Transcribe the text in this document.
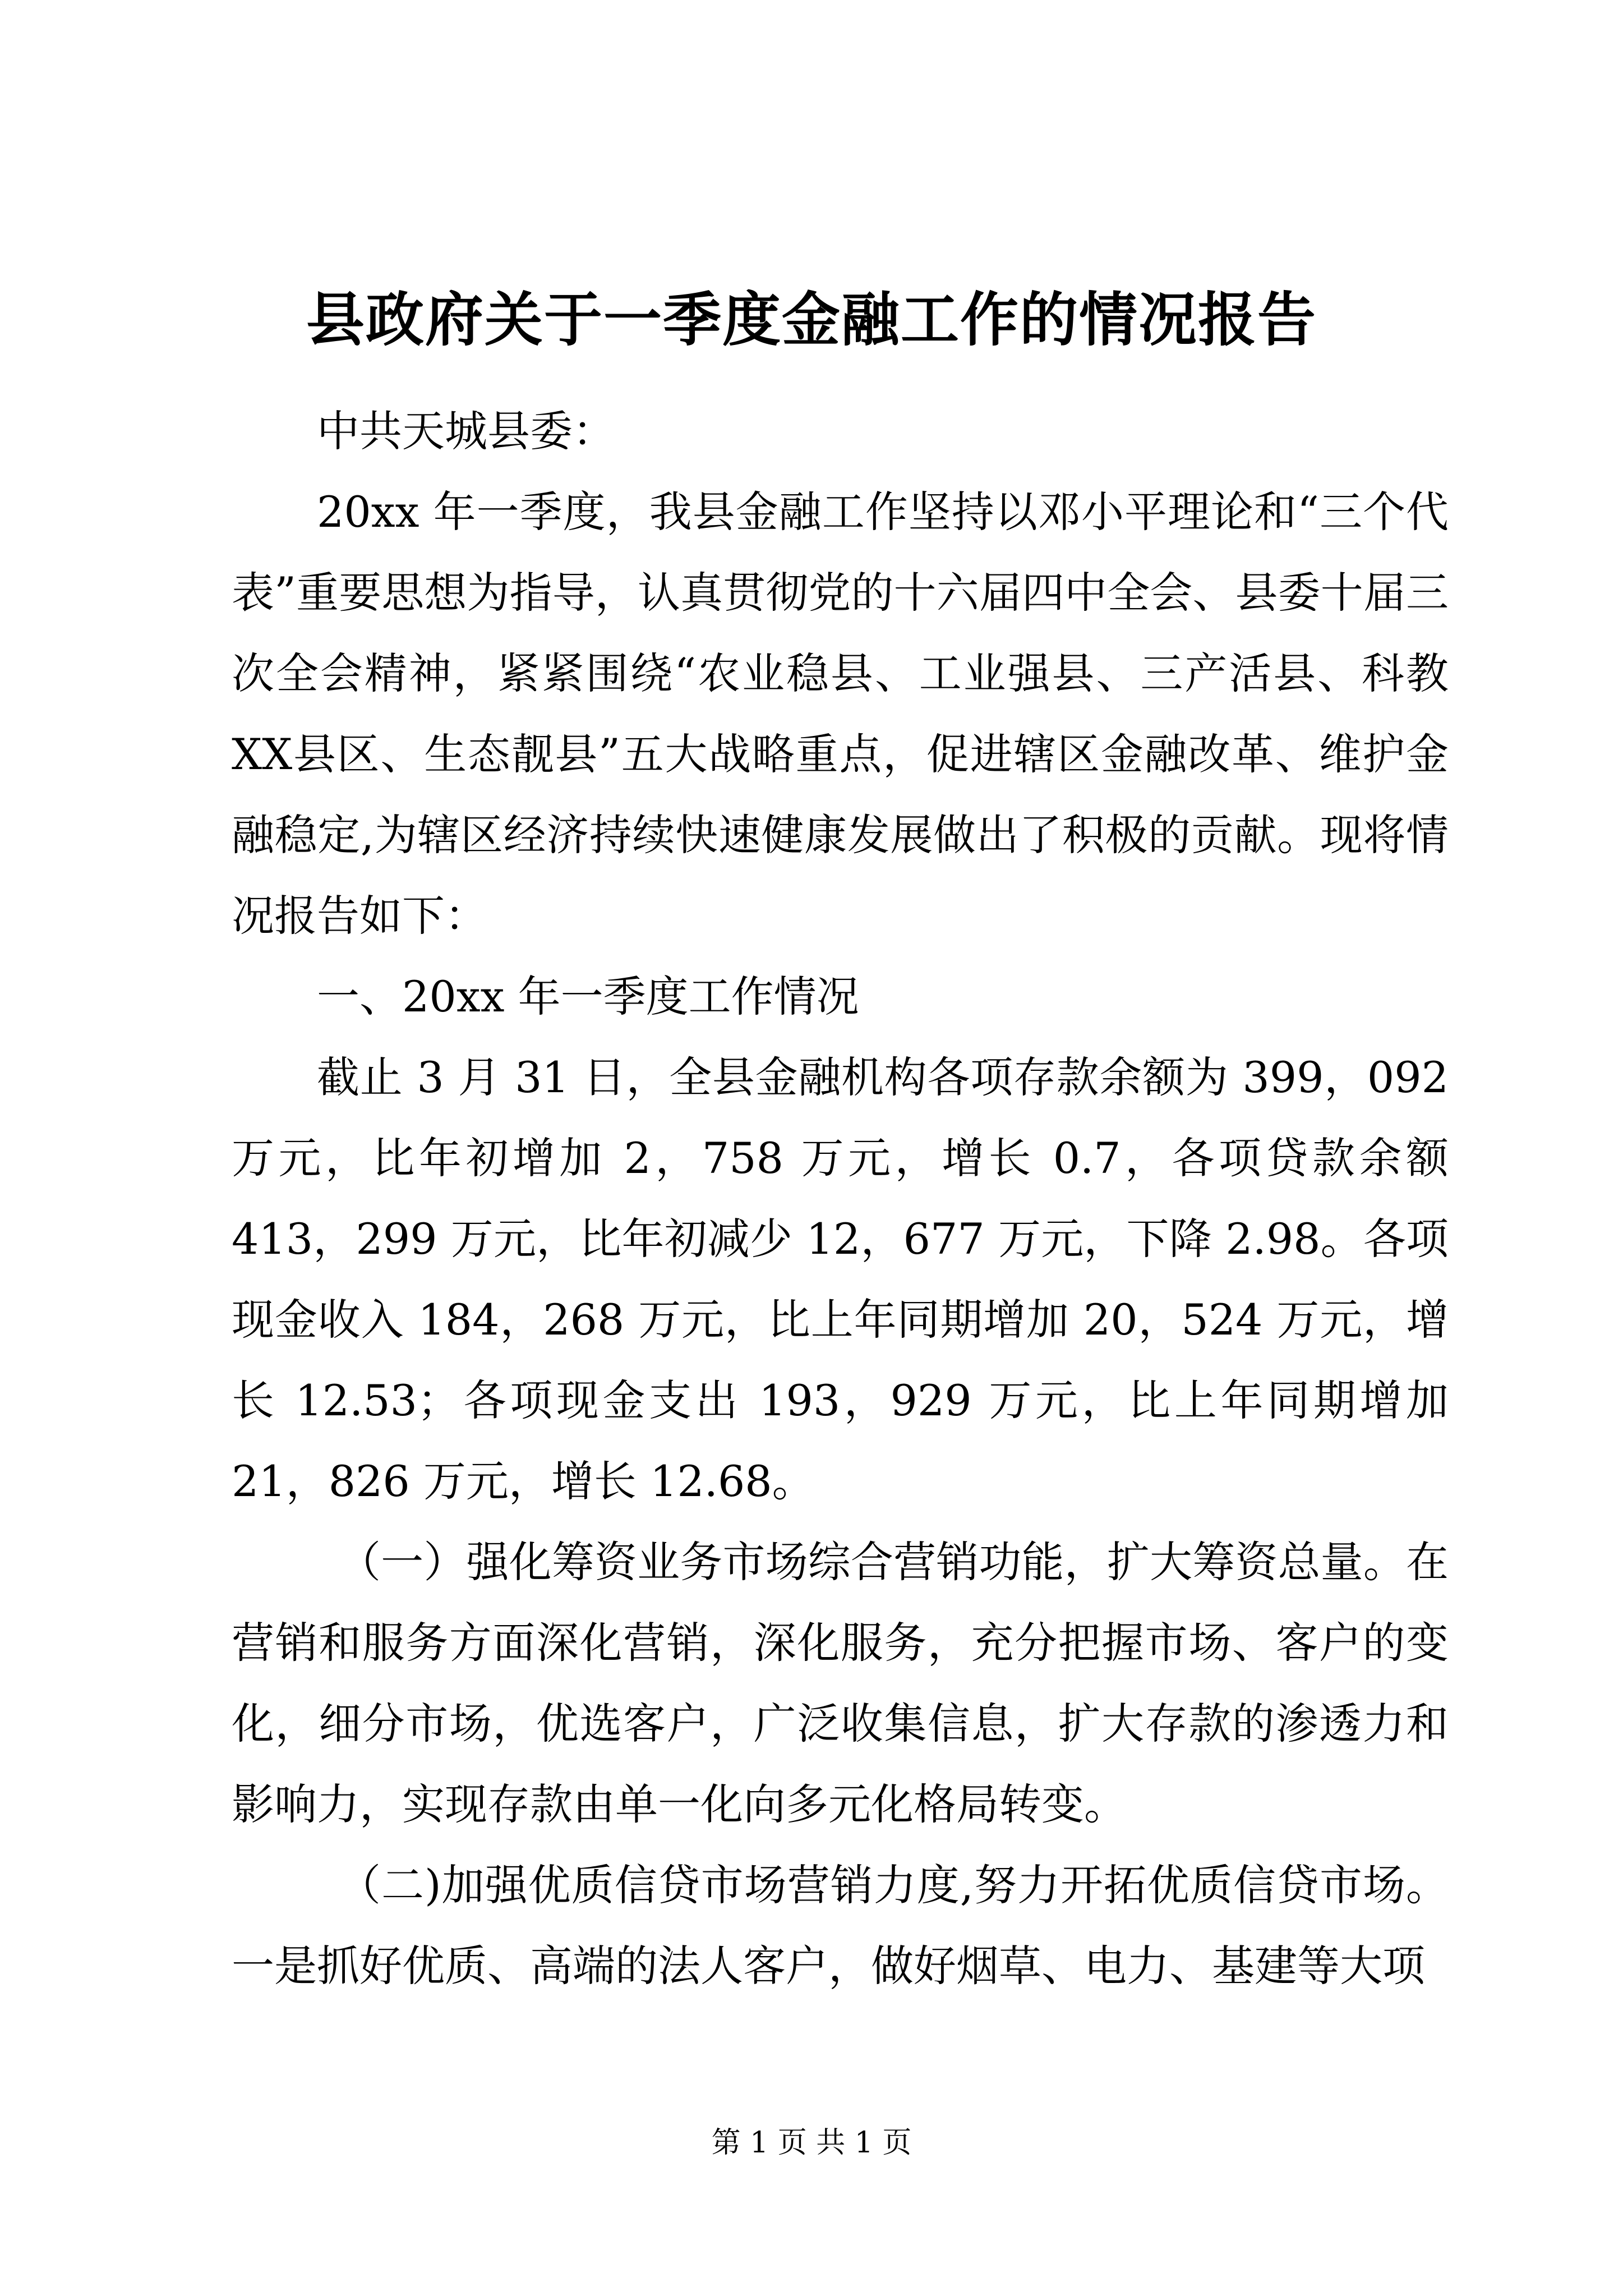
县政府关于一季度金融工作的情况报告

中共天城县委：

20xx 年一季度，我县金融工作坚持以邓小平理论和“三个代表”重要思想为指导，认真贯彻党的十六届四中全会、县委十届三次全会精神，紧紧围绕“农业稳县、工业强县、三产活县、科教XX县区、生态靓县”五大战略重点，促进辖区金融改革、维护金融稳定,为辖区经济持续快速健康发展做出了积极的贡献。现将情况报告如下：

一、20xx 年一季度工作情况

截止 3 月 31 日，全县金融机构各项存款余额为 399，092 万元，比年初增加 2，758 万元，增长 0.7，各项贷款余额 413，299 万元，比年初减少 12，677 万元，下降 2.98。各项现金收入 184，268 万元，比上年同期增加 20，524 万元，增长 12.53；各项现金支出 193，929 万元，比上年同期增加 21，826 万元，增长 12.68。

（一）强化筹资业务市场综合营销功能，扩大筹资总量。在营销和服务方面深化营销，深化服务，充分把握市场、客户的变化，细分市场，优选客户，广泛收集信息，扩大存款的渗透力和影响力，实现存款由单一化向多元化格局转变。

（二)加强优质信贷市场营销力度,努力开拓优质信贷市场。一是抓好优质、高端的法人客户，做好烟草、电力、基建等大项

第 1 页 共 1 页
